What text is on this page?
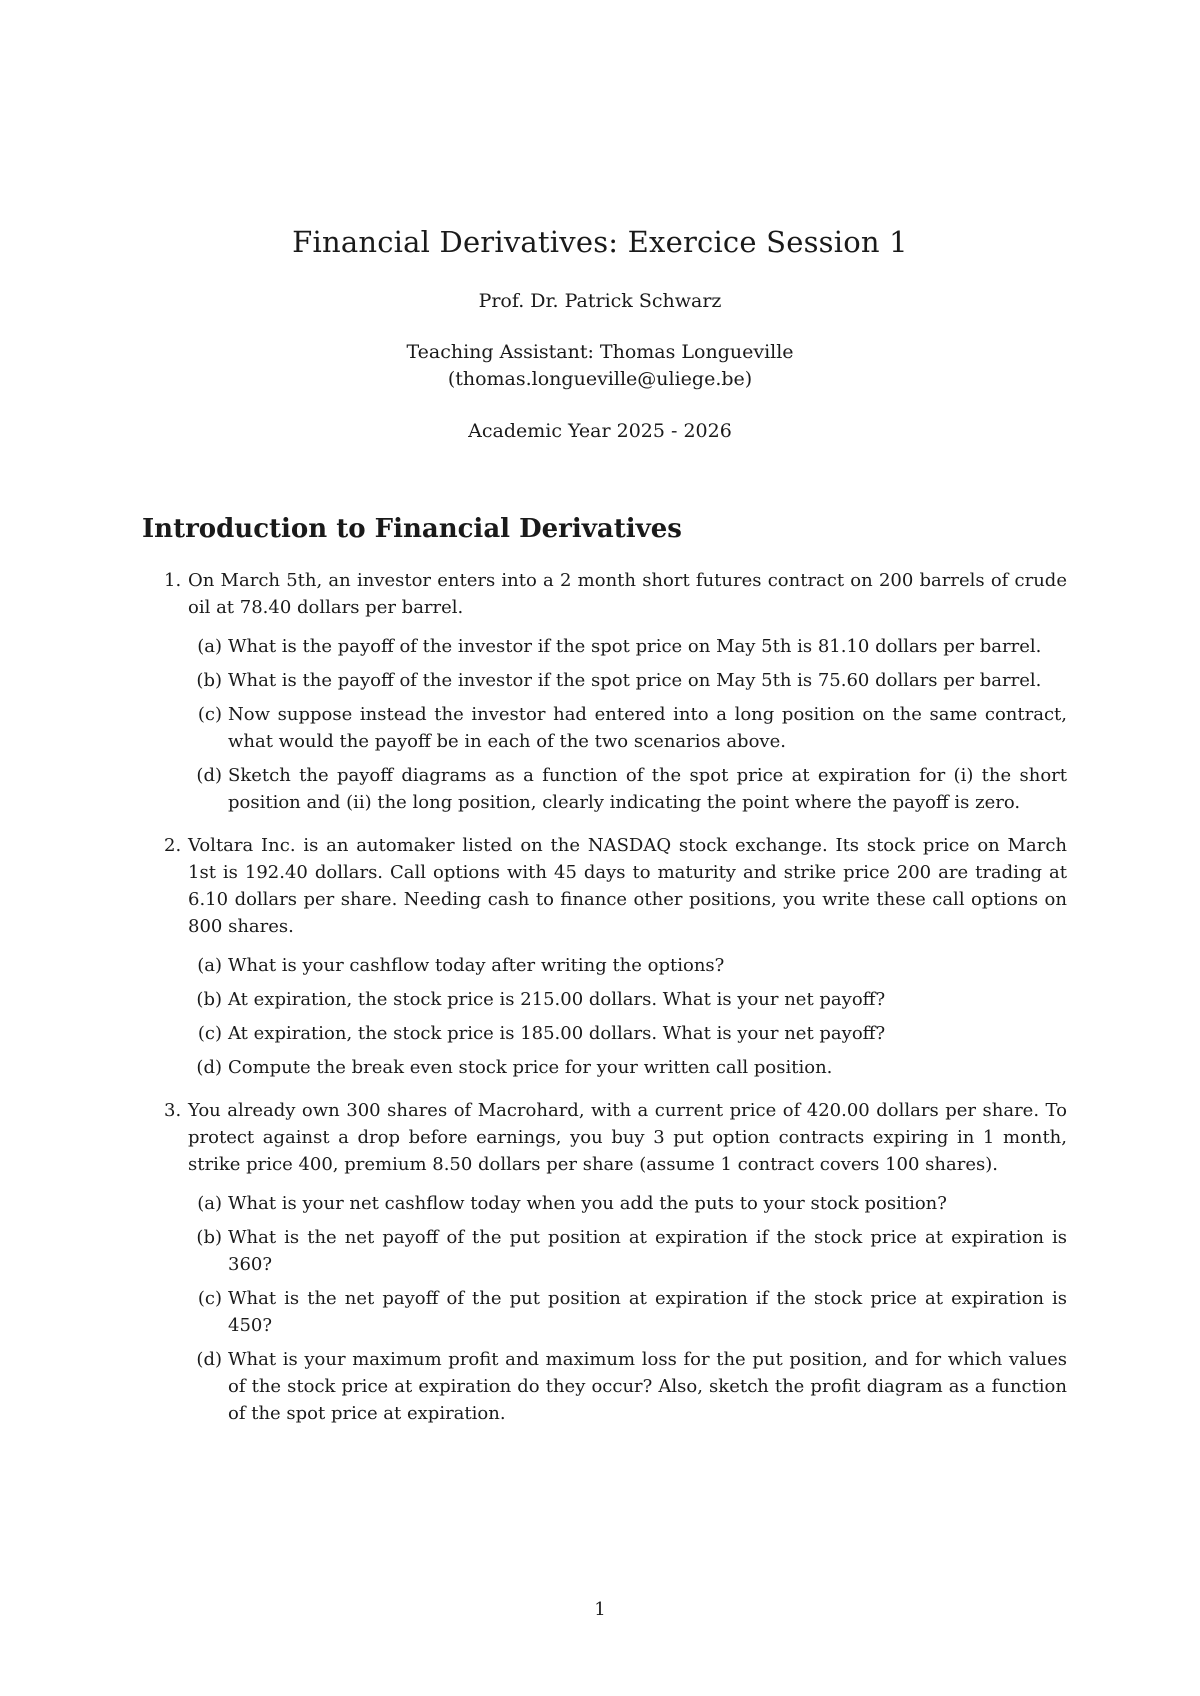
Financial Derivatives: Exercice Session 1
Prof. Dr. Patrick Schwarz
Teaching Assistant: Thomas Longueville
(thomas.longueville@uliege.be)
Academic Year 2025 - 2026
Introduction to Financial Derivatives
1. On March 5th, an investor enters into a 2 month short futures contract on 200 barrels of crude oil at 78.40 dollars per barrel.

(a) What is the payoff of the investor if the spot price on May 5th is 81.10 dollars per barrel.

(b) What is the payoff of the investor if the spot price on May 5th is 75.60 dollars per barrel.

(c) Now suppose instead the investor had entered into a long position on the same contract, what would the payoff be in each of the two scenarios above.

(d) Sketch the payoff diagrams as a function of the spot price at expiration for (i) the short position and (ii) the long position, clearly indicating the point where the payoff is zero.

2. Voltara Inc. is an automaker listed on the NASDAQ stock exchange. Its stock price on March 1st is 192.40 dollars. Call options with 45 days to maturity and strike price 200 are trading at 6.10 dollars per share. Needing cash to finance other positions, you write these call options on 800 shares.

(a) What is your cashflow today after writing the options?

(b) At expiration, the stock price is 215.00 dollars. What is your net payoff?

(c) At expiration, the stock price is 185.00 dollars. What is your net payoff?

(d) Compute the break even stock price for your written call position.

3. You already own 300 shares of Macrohard, with a current price of 420.00 dollars per share. To protect against a drop before earnings, you buy 3 put option contracts expiring in 1 month, strike price 400, premium 8.50 dollars per share (assume 1 contract covers 100 shares).

(a) What is your net cashflow today when you add the puts to your stock position?

(b) What is the net payoff of the put position at expiration if the stock price at expiration is 360?

(c) What is the net payoff of the put position at expiration if the stock price at expiration is 450?

(d) What is your maximum profit and maximum loss for the put position, and for which values of the stock price at expiration do they occur? Also, sketch the profit diagram as a function of the spot price at expiration.

1
